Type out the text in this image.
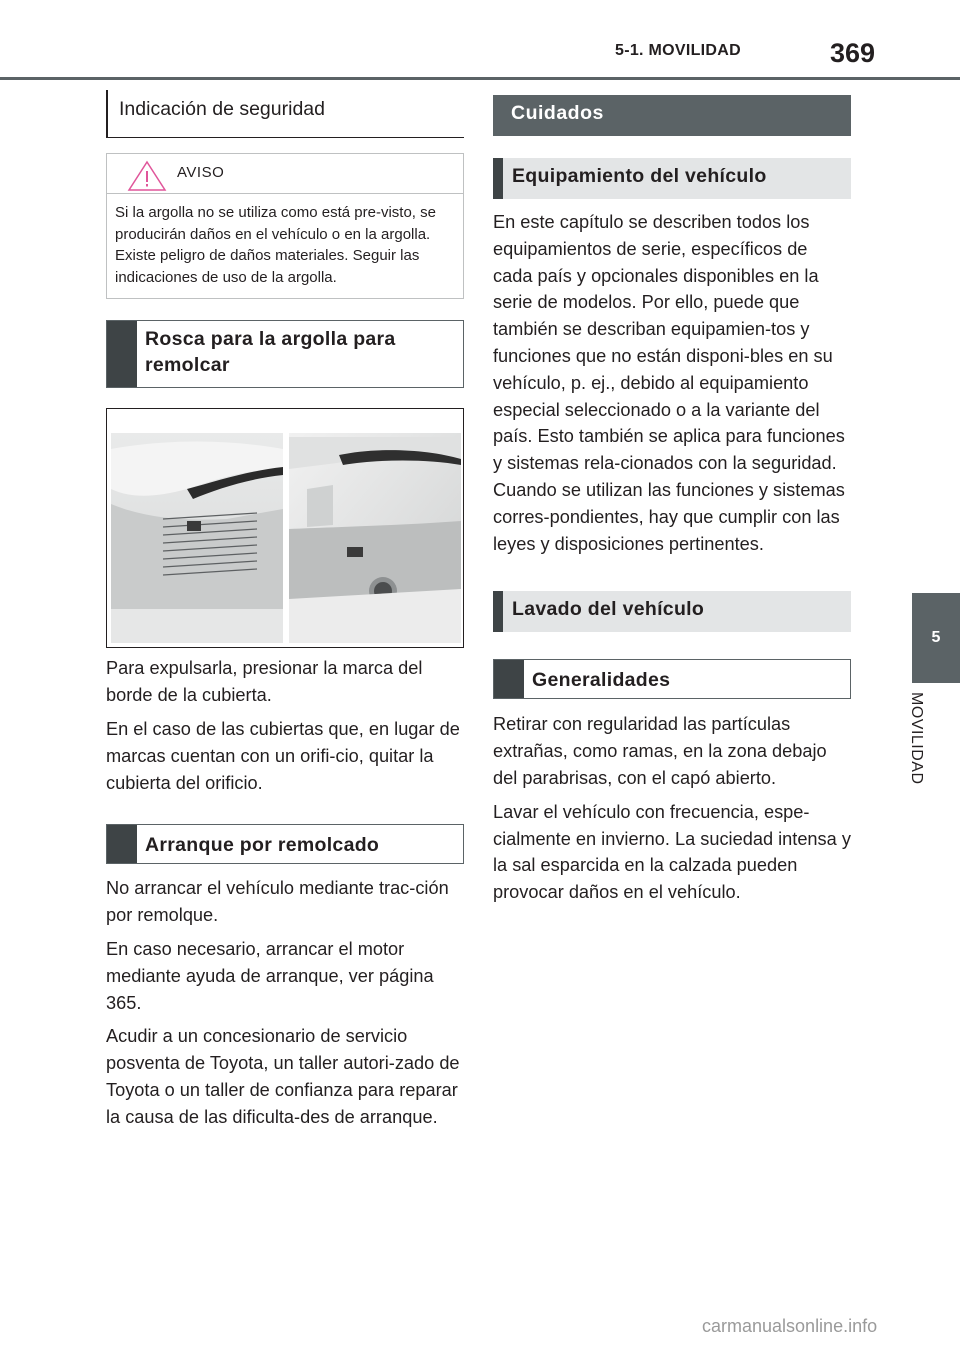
5-1. MOVILIDAD	369
5
MOVILIDAD
Indicación de seguridad
AVISO
Si la argolla no se utiliza como está pre-visto, se producirán daños en el vehículo o en la argolla. Existe peligro de daños materiales. Seguir las indicaciones de uso de la argolla.
Rosca para la argolla para remolcar

Para expulsarla, presionar la marca del borde de la cubierta.

En el caso de las cubiertas que, en lugar de marcas cuentan con un orifi-cio, quitar la cubierta del orificio.

Arranque por remolcado

No arrancar el vehículo mediante trac-ción por remolque.

En caso necesario, arrancar el motor mediante ayuda de arranque, ver página 365.

Acudir a un concesionario de servicio posventa de Toyota, un taller autori-zado de Toyota o un taller de confianza para reparar la causa de las dificulta-des de arranque.

Cuidados
Equipamiento del vehículo

En este capítulo se describen todos los equipamientos de serie, específicos de cada país y opcionales disponibles en la serie de modelos. Por ello, puede que también se describan equipamien-tos y funciones que no están disponi-bles en su vehículo, p. ej., debido al equipamiento especial seleccionado o a la variante del país. Esto también se aplica para funciones y sistemas rela-cionados con la seguridad. Cuando se utilizan las funciones y sistemas corres-pondientes, hay que cumplir con las leyes y disposiciones pertinentes.

Lavado del vehículo
Generalidades

Retirar con regularidad las partículas extrañas, como ramas, en la zona debajo del parabrisas, con el capó abierto.

Lavar el vehículo con frecuencia, espe-cialmente en invierno. La suciedad intensa y la sal esparcida en la calzada pueden provocar daños en el vehículo.

carmanualsonline.info
